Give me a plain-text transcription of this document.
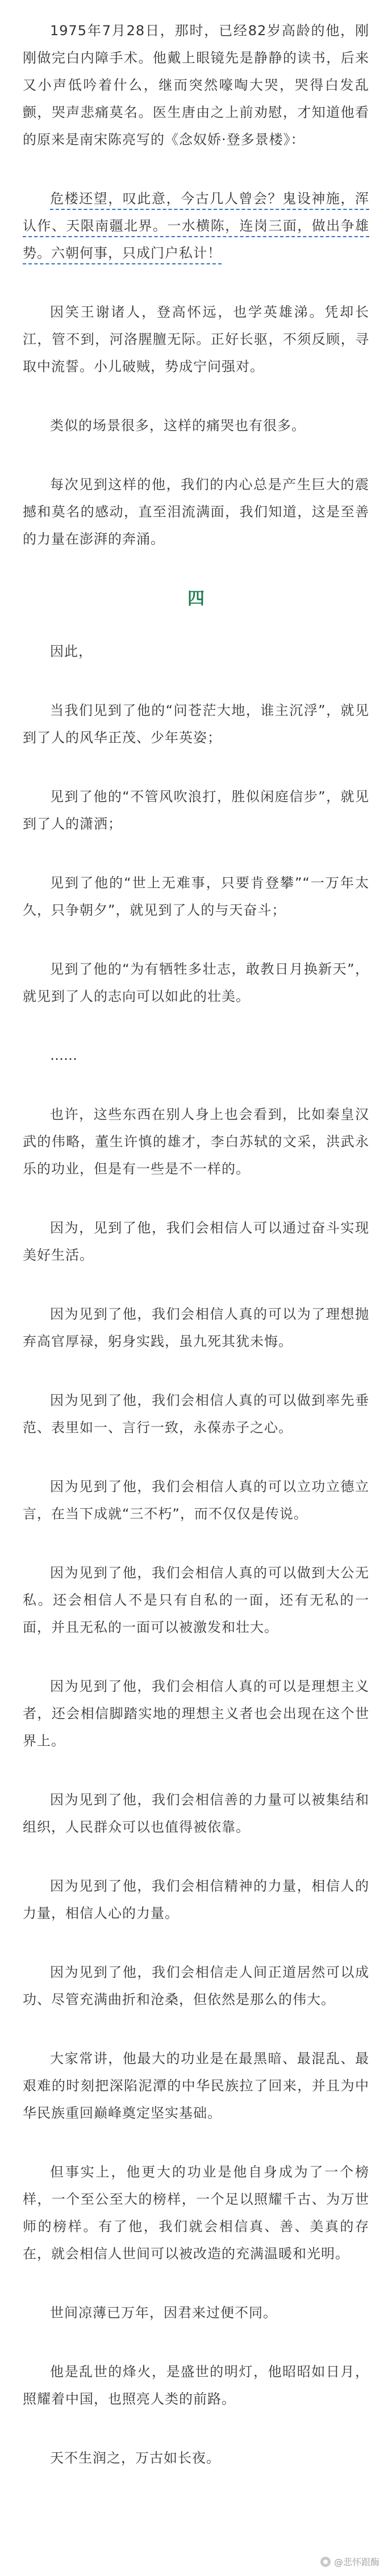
1975年7月28日，那时，已经82岁高龄的他，刚刚做完白内障手术。他戴上眼镜先是静静的读书，后来又小声低吟着什么，继而突然嚎啕大哭，哭得白发乱颤，哭声悲痛莫名。医生唐由之上前劝慰，才知道他看的原来是南宋陈亮写的《念奴娇·登多景楼》：

危楼还望，叹此意，今古几人曾会？鬼设神施，浑认作、天限南疆北界。一水横陈，连岗三面，做出争雄势。六朝何事，只成门户私计！

因笑王谢诸人，登高怀远，也学英雄涕。凭却长江，管不到，河洛腥膻无际。正好长驱，不须反顾，寻取中流誓。小儿破贼，势成宁问强对。

类似的场景很多，这样的痛哭也有很多。

每次见到这样的他，我们的内心总是产生巨大的震撼和莫名的感动，直至泪流满面，我们知道，这是至善的力量在澎湃的奔涌。

四

因此，

当我们见到了他的“问苍茫大地，谁主沉浮”，就见到了人的风华正茂、少年英姿；

见到了他的“不管风吹浪打，胜似闲庭信步”，就见到了人的潇洒；

见到了他的“世上无难事，只要肯登攀”“一万年太久，只争朝夕”，就见到了人的与天奋斗；

见到了他的“为有牺牲多壮志，敢教日月换新天”，就见到了人的志向可以如此的壮美。

……

也许，这些东西在别人身上也会看到，比如秦皇汉武的伟略，董生许慎的雄才，李白苏轼的文采，洪武永乐的功业，但是有一些是不一样的。

因为，见到了他，我们会相信人可以通过奋斗实现美好生活。

因为见到了他，我们会相信人真的可以为了理想抛弃高官厚禄，躬身实践，虽九死其犹未悔。

因为见到了他，我们会相信人真的可以做到率先垂范、表里如一、言行一致，永葆赤子之心。

因为见到了他，我们会相信人真的可以立功立德立言，在当下成就“三不朽”，而不仅仅是传说。

因为见到了他，我们会相信人真的可以做到大公无私。还会相信人不是只有自私的一面，还有无私的一面，并且无私的一面可以被激发和壮大。

因为见到了他，我们会相信人真的可以是理想主义者，还会相信脚踏实地的理想主义者也会出现在这个世界上。

因为见到了他，我们会相信善的力量可以被集结和组织，人民群众可以也值得被依靠。

因为见到了他，我们会相信精神的力量，相信人的力量，相信人心的力量。

因为见到了他，我们会相信走人间正道居然可以成功、尽管充满曲折和沧桑，但依然是那么的伟大。

大家常讲，他最大的功业是在最黑暗、最混乱、最艰难的时刻把深陷泥潭的中华民族拉了回来，并且为中华民族重回巅峰奠定坚实基础。

但事实上，他更大的功业是他自身成为了一个榜样，一个至公至大的榜样，一个足以照耀千古、为万世师的榜样。有了他，我们就会相信真、善、美真的存在，就会相信人世间可以被改造的充满温暖和光明。

世间凉薄已万年，因君来过便不同。

他是乱世的烽火，是盛世的明灯，他昭昭如日月，照耀着中国，也照亮人类的前路。

天不生润之，万古如长夜。

@悲怀跟酶
